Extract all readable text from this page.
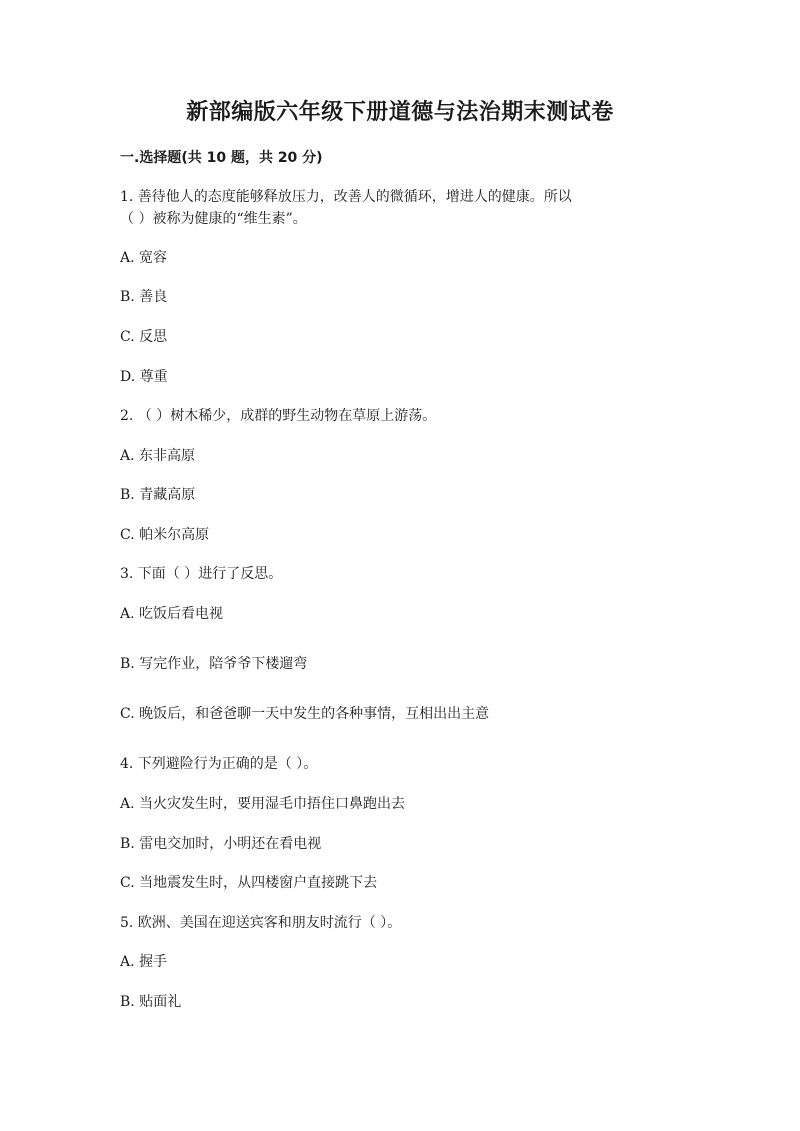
新部编版六年级下册道德与法治期末测试卷
一.选择题(共 10 题，共 20 分)
1. 善待他人的态度能够释放压力，改善人的微循环，增进人的健康。所以
（ ）被称为健康的“维生素”。
A. 宽容
B. 善良
C. 反思
D. 尊重
2. （ ）树木稀少，成群的野生动物在草原上游荡。
A. 东非高原
B. 青藏高原
C. 帕米尔高原
3. 下面（ ）进行了反思。
A. 吃饭后看电视
B. 写完作业，陪爷爷下楼遛弯
C. 晚饭后，和爸爸聊一天中发生的各种事情，互相出出主意
4. 下列避险行为正确的是（ ）。
A. 当火灾发生时，要用湿毛巾捂住口鼻跑出去
B. 雷电交加时，小明还在看电视
C. 当地震发生时，从四楼窗户直接跳下去
5. 欧洲、美国在迎送宾客和朋友时流行（ ）。
A. 握手
B. 贴面礼
